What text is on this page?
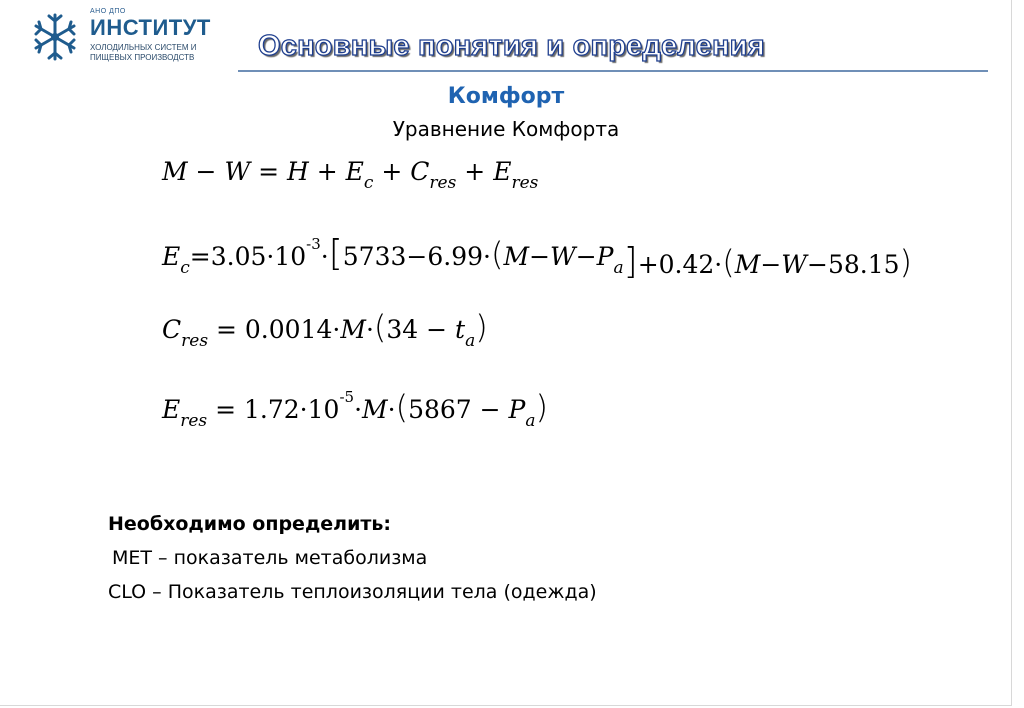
АНО ДПО
ИНСТИТУТ
ХОЛОДИЛЬНЫХ СИСТЕМ И
ПИЩЕВЫХ ПРОИЗВОДСТВ Основные понятия и определения
Комфорт
Уравнение Комфорта
$M - W = H + E_c + C_{res} + E_{res}$
$E_c=3.05\cdot 10^{-3}\cdot[5733-6.99\cdot(M-W-P_a]+0.42\cdot(M-W-58.15)$
$C_{res} = 0.0014\cdot M\cdot(34 - t_a)$
$E_{res} = 1.72\cdot 10^{-5}\cdot M\cdot(5867 - P_a)$
Необходимо определить:
MET – показатель метаболизма
CLO – Показатель теплоизоляции тела (одежда)
